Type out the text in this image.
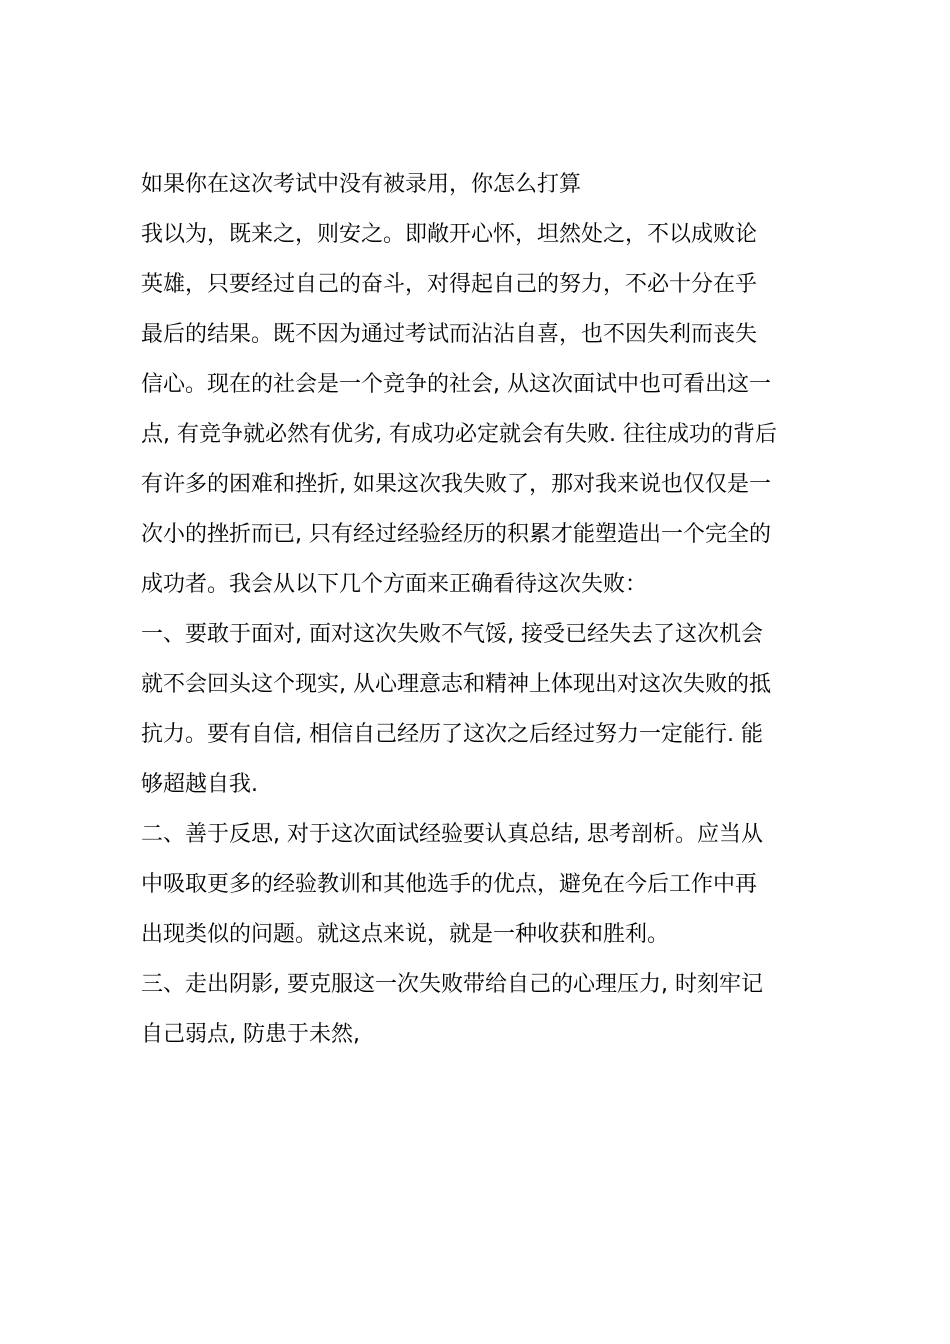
如果你在这次考试中没有被录用，你怎么打算

我以为，既来之，则安之。即敞开心怀，坦然处之，不以成败论
英雄，只要经过自己的奋斗，对得起自己的努力，不必十分在乎
最后的结果。既不因为通过考试而沾沾自喜，也不因失利而丧失
信心。现在的社会是一个竞争的社会, 从这次面试中也可看出这一
点, 有竞争就必然有优劣, 有成功必定就会有失败. 往往成功的背后
有许多的困难和挫折, 如果这次我失败了，那对我来说也仅仅是一
次小的挫折而已, 只有经过经验经历的积累才能塑造出一个完全的
成功者。我会从以下几个方面来正确看待这次失败：

一、要敢于面对, 面对这次失败不气馁, 接受已经失去了这次机会
就不会回头这个现实, 从心理意志和精神上体现出对这次失败的抵
抗力。要有自信, 相信自己经历了这次之后经过努力一定能行. 能
够超越自我.

二、善于反思, 对于这次面试经验要认真总结, 思考剖析。应当从
中吸取更多的经验教训和其他选手的优点，避免在今后工作中再
出现类似的问题。就这点来说，就是一种收获和胜利。

三、走出阴影, 要克服这一次失败带给自己的心理压力, 时刻牢记
自己弱点, 防患于未然,
